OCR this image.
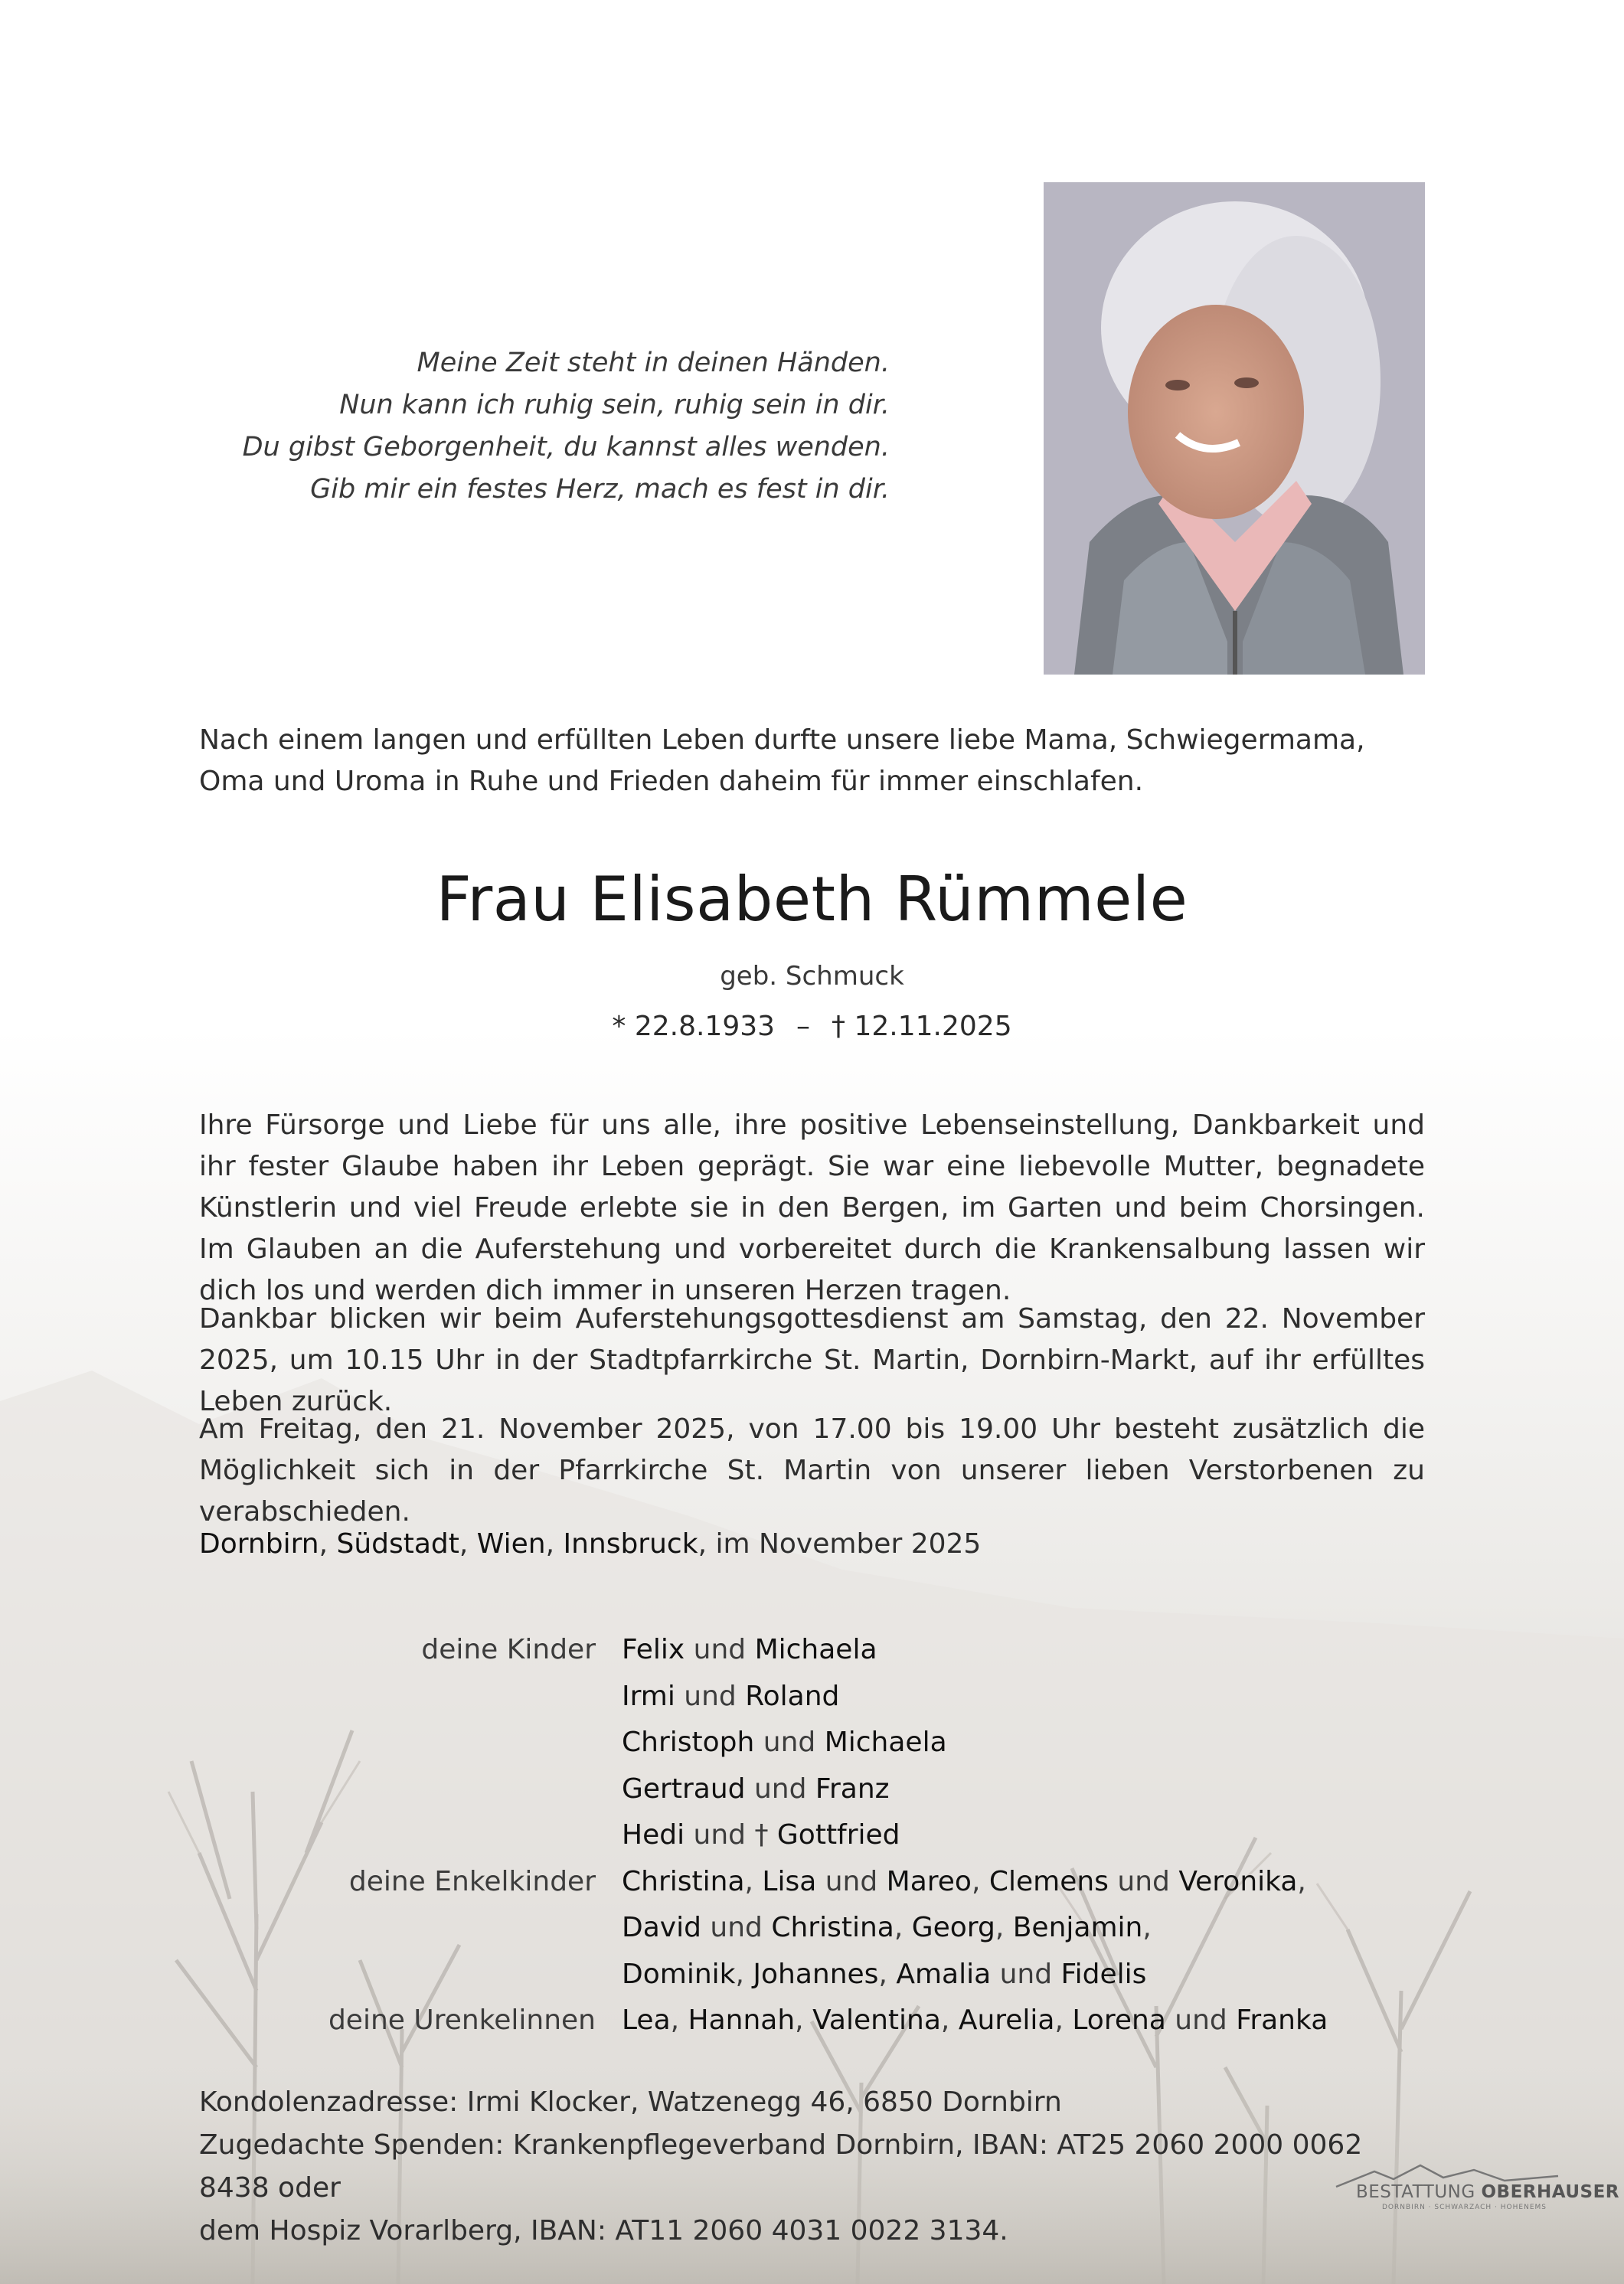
Meine Zeit steht in deinen Händen.
Nun kann ich ruhig sein, ruhig sein in dir.
Du gibst Geborgenheit, du kannst alles wenden.
Gib mir ein festes Herz, mach es fest in dir.
Nach einem langen und erfüllten Leben durfte unsere liebe Mama, Schwiegermama, Oma und Uroma in Ruhe und Frieden daheim für immer einschlafen.
Frau Elisabeth Rümmele
geb. Schmuck
* 22.8.1933 – † 12.11.2025
Ihre Fürsorge und Liebe für uns alle, ihre positive Lebenseinstellung, Dankbarkeit und ihr fester Glaube haben ihr Leben geprägt. Sie war eine liebevolle Mutter, begnadete Künstlerin und viel Freude erlebte sie in den Bergen, im Garten und beim Chorsingen. Im Glauben an die Auferstehung und vorbereitet durch die Krankensalbung lassen wir dich los und werden dich immer in unseren Herzen tragen.
Dankbar blicken wir beim Auferstehungsgottesdienst am Samstag, den 22. November 2025, um 10.15 Uhr in der Stadtpfarrkirche St. Martin, Dornbirn-Markt, auf ihr erfülltes Leben zurück.
Am Freitag, den 21. November 2025, von 17.00 bis 19.00 Uhr besteht zusätzlich die Möglichkeit sich in der Pfarrkirche St. Martin von unserer lieben Verstorbenen zu verabschieden.
Dornbirn, Südstadt, Wien, Innsbruck, im November 2025
deine Kinder Felix und Michaela
Irmi und Roland
Christoph und Michaela
Gertraud und Franz
Hedi und † Gottfried
deine Enkelkinder Christina, Lisa und Mareo, Clemens und Veronika,
David und Christina, Georg, Benjamin,
Dominik, Johannes, Amalia und Fidelis
deine Urenkelinnen Lea, Hannah, Valentina, Aurelia, Lorena und Franka
Kondolenzadresse: Irmi Klocker, Watzenegg 46, 6850 Dornbirn
Zugedachte Spenden: Krankenpflegeverband Dornbirn, IBAN: AT25 2060 2000 0062 8438 oder
dem Hospiz Vorarlberg, IBAN: AT11 2060 4031 0022 3134.
BESTATTUNG OBERHAUSER
DORNBIRN · SCHWARZACH · HOHENEMS
